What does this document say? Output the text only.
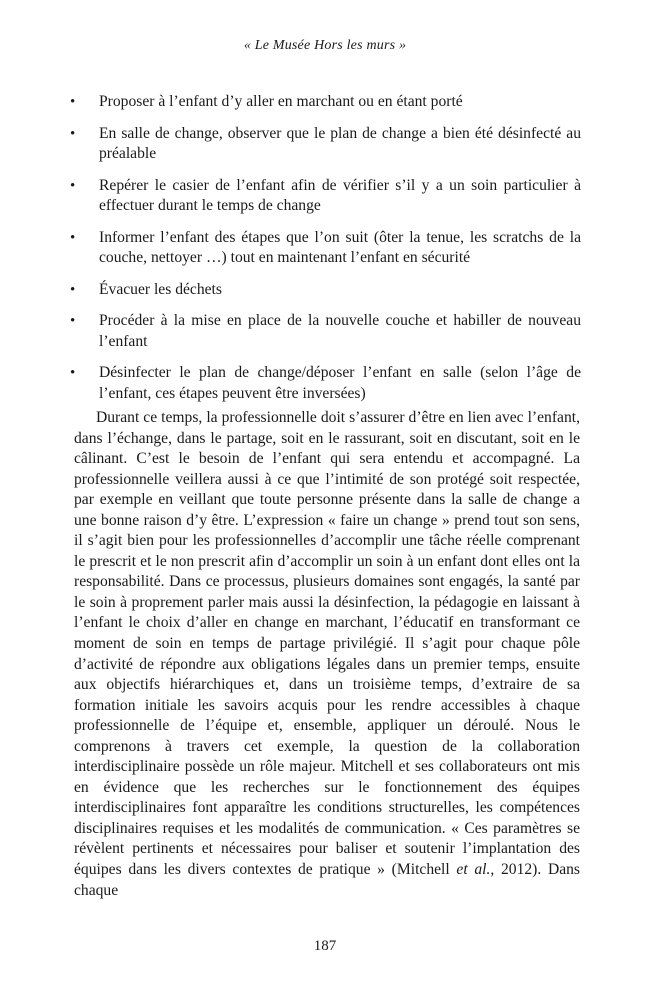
« Le Musée Hors les murs »
• Proposer à l’enfant d’y aller en marchant ou en étant porté
• En salle de change, observer que le plan de change a bien été désinfecté au préalable
• Repérer le casier de l’enfant afin de vérifier s’il y a un soin particulier à effectuer durant le temps de change
• Informer l’enfant des étapes que l’on suit (ôter la tenue, les scratchs de la couche, nettoyer …) tout en maintenant l’enfant en sécurité
• Évacuer les déchets
• Procéder à la mise en place de la nouvelle couche et habiller de nouveau l’enfant
• Désinfecter le plan de change/déposer l’enfant en salle (selon l’âge de l’enfant, ces étapes peuvent être inversées)

Durant ce temps, la professionnelle doit s’assurer d’être en lien avec l’enfant, dans l’échange, dans le partage, soit en le rassurant, soit en discutant, soit en le câlinant. C’est le besoin de l’enfant qui sera entendu et accompagné. La professionnelle veillera aussi à ce que l’intimité de son protégé soit respectée, par exemple en veillant que toute personne présente dans la salle de change a une bonne raison d’y être. L’expression « faire un change » prend tout son sens, il s’agit bien pour les professionnelles d’accomplir une tâche réelle comprenant le prescrit et le non prescrit afin d’accomplir un soin à un enfant dont elles ont la responsabilité. Dans ce processus, plusieurs domaines sont engagés, la santé par le soin à proprement parler mais aussi la désinfection, la pédagogie en laissant à l’enfant le choix d’aller en change en marchant, l’éducatif en transformant ce moment de soin en temps de partage privilégié. Il s’agit pour chaque pôle d’activité de répondre aux obligations légales dans un premier temps, ensuite aux objectifs hiérarchiques et, dans un troisième temps, d’extraire de sa formation initiale les savoirs acquis pour les rendre accessibles à chaque professionnelle de l’équipe et, ensemble, appliquer un déroulé. Nous le comprenons à travers cet exemple, la question de la collaboration interdisciplinaire possède un rôle majeur. Mitchell et ses collaborateurs ont mis en évidence que les recherches sur le fonctionnement des équipes interdisciplinaires font apparaître les conditions structurelles, les compétences disciplinaires requises et les modalités de communication. « Ces paramètres se révèlent pertinents et nécessaires pour baliser et soutenir l’implantation des équipes dans les divers contextes de pratique » (Mitchell et al., 2012). Dans chaque

187
